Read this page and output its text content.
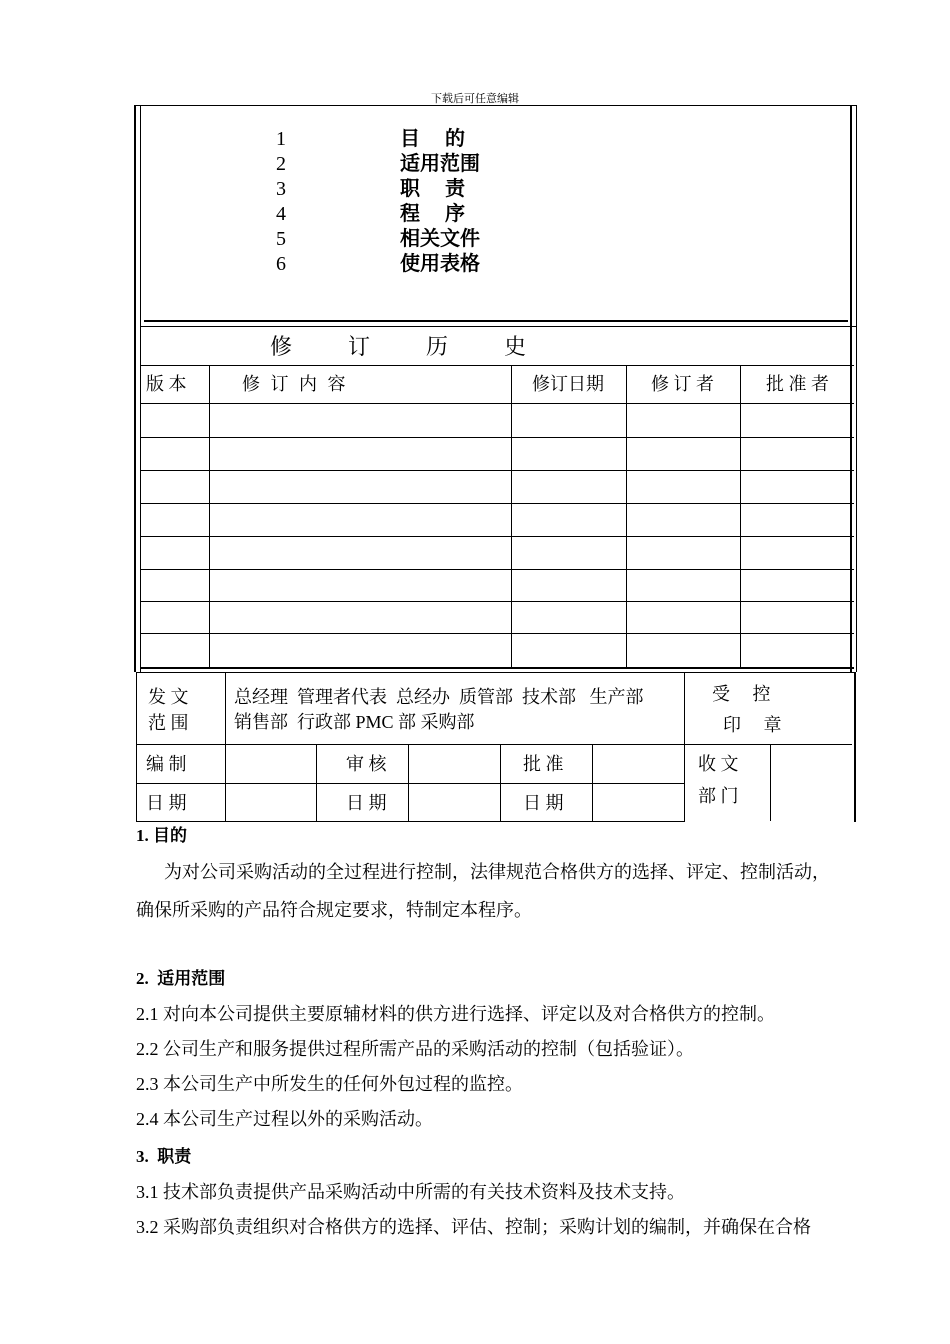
下载后可任意编辑
1	目　 的
2	适用范围
3	职　 责
4	程　 序
5	相关文件
6	使用表格
修	订	历	史
版 本	修 订 内 容	修订日期	修 订 者	批 准 者
发 文
范 围
总经理  管理者代表  总经办  质管部  技术部   生产部
销售部  行政部 PMC 部 采购部
受　 控
印　 章
编 制	审 核	批 准
日 期	日 期	日 期
收 文
部 门
1. 目的
为对公司采购活动的全过程进行控制，法律规范合格供方的选择、评定、控制活动，
确保所采购的产品符合规定要求，特制定本程序。
2.  适用范围
2.1 对向本公司提供主要原辅材料的供方进行选择、评定以及对合格供方的控制。
2.2 公司生产和服务提供过程所需产品的采购活动的控制（包括验证）。
2.3 本公司生产中所发生的任何外包过程的监控。
2.4 本公司生产过程以外的采购活动。
3.  职责
3.1 技术部负责提供产品采购活动中所需的有关技术资料及技术支持。
3.2 采购部负责组织对合格供方的选择、评估、控制；采购计划的编制，并确保在合格
